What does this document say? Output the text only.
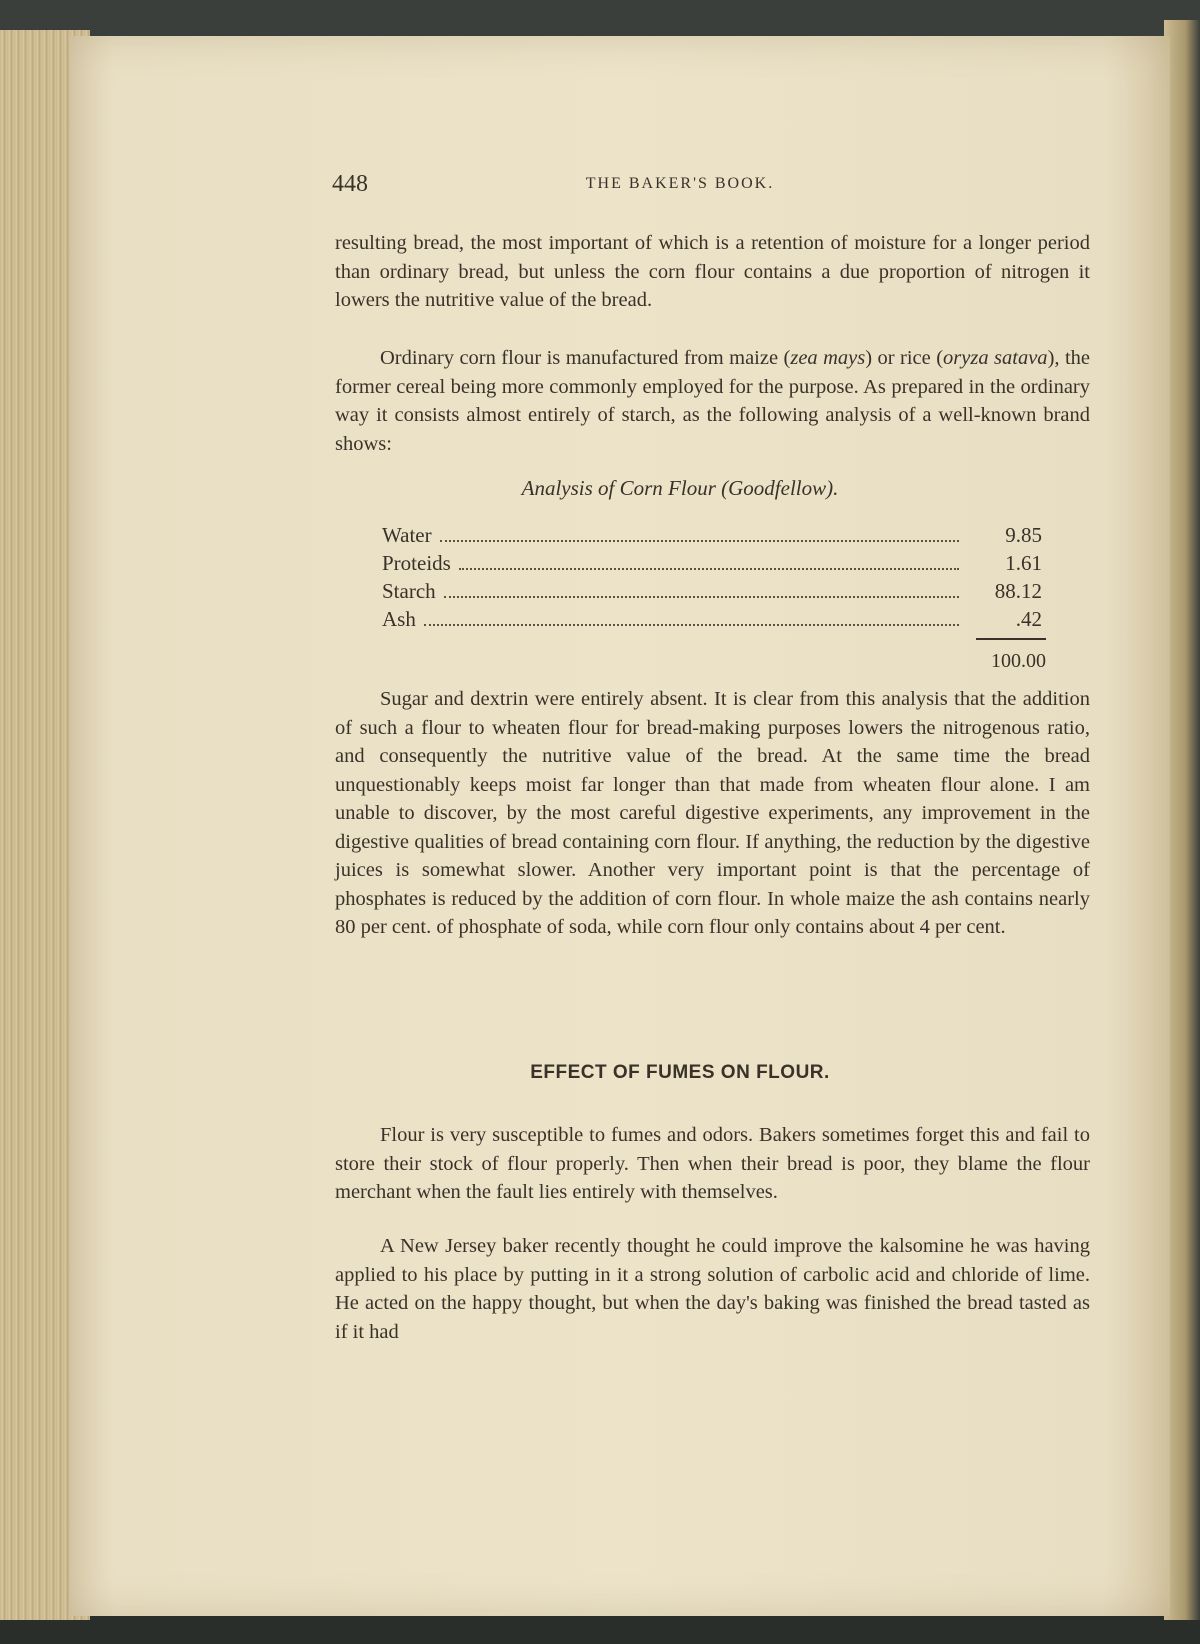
448	THE BAKER'S BOOK.

resulting bread, the most important of which is a retention of moisture for a longer period than ordinary bread, but unless the corn flour contains a due proportion of nitrogen it lowers the nutritive value of the bread.

Ordinary corn flour is manufactured from maize (zea mays) or rice (oryza satava), the former cereal being more commonly employed for the purpose. As prepared in the ordinary way it consists almost entirely of starch, as the following analysis of a well-known brand shows:

Analysis of Corn Flour (Goodfellow).
Water	9.85
Proteids	1.61
Starch	88.12
Ash	.42
100.00

Sugar and dextrin were entirely absent. It is clear from this analysis that the addition of such a flour to wheaten flour for bread-making purposes lowers the nitrogenous ratio, and consequently the nutritive value of the bread. At the same time the bread unquestionably keeps moist far longer than that made from wheaten flour alone. I am unable to discover, by the most careful digestive experiments, any improvement in the digestive qualities of bread containing corn flour. If anything, the reduction by the digestive juices is somewhat slower. Another very important point is that the percentage of phosphates is reduced by the addition of corn flour. In whole maize the ash contains nearly 80 per cent. of phosphate of soda, while corn flour only contains about 4 per cent.

EFFECT OF FUMES ON FLOUR.

Flour is very susceptible to fumes and odors. Bakers sometimes forget this and fail to store their stock of flour properly. Then when their bread is poor, they blame the flour merchant when the fault lies entirely with themselves.

A New Jersey baker recently thought he could improve the kalsomine he was having applied to his place by putting in it a strong solution of carbolic acid and chloride of lime. He acted on the happy thought, but when the day's baking was finished the bread tasted as if it had
